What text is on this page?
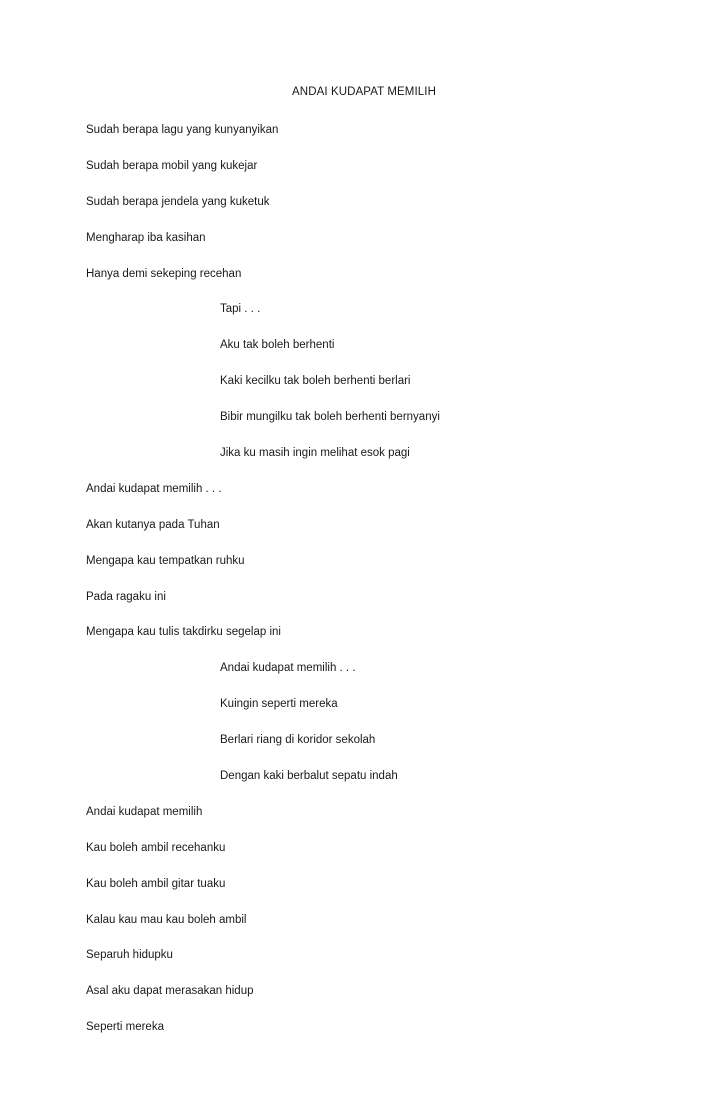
ANDAI KUDAPAT MEMILIH
Sudah berapa lagu yang kunyanyikan
Sudah berapa mobil yang kukejar
Sudah berapa jendela yang kuketuk
Mengharap iba kasihan
Hanya demi sekeping recehan
Tapi . . .
Aku tak boleh berhenti
Kaki kecilku tak boleh berhenti berlari
Bibir mungilku tak boleh berhenti bernyanyi
Jika ku masih ingin melihat esok pagi
Andai kudapat memilih . . .
Akan kutanya pada Tuhan
Mengapa kau tempatkan ruhku
Pada ragaku ini
Mengapa kau tulis takdirku segelap ini
Andai kudapat memilih . . .
Kuingin seperti mereka
Berlari riang di koridor sekolah
Dengan kaki berbalut sepatu indah
Andai kudapat memilih
Kau boleh ambil recehanku
Kau boleh ambil gitar tuaku
Kalau kau mau kau boleh ambil
Separuh hidupku
Asal aku dapat merasakan hidup
Seperti mereka
